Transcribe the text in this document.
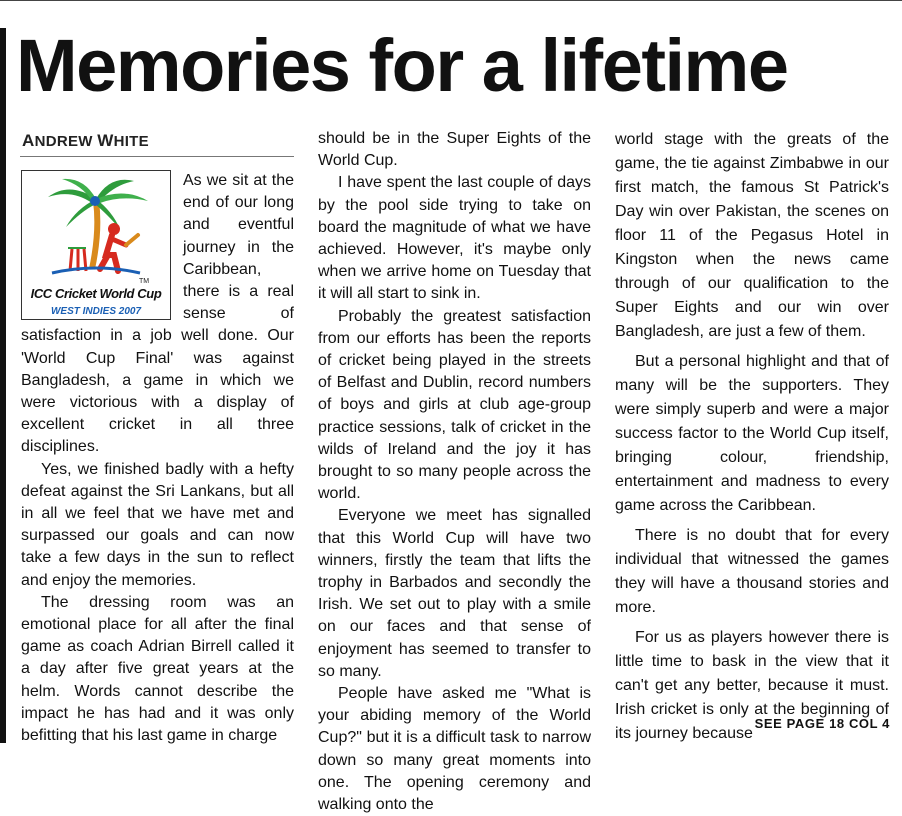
Memories for a lifetime
ANDREW WHITE
TM
ICC Cricket World Cup
WEST INDIES 2007

As we sit at the end of our long and eventful journey in the Caribbean, there is a real sense of satisfaction in a job well done. Our 'World Cup Final' was against Bangladesh, a game in which we were victorious with a display of excellent cricket in all three disciplines.

Yes, we finished badly with a hefty defeat against the Sri Lankans, but all in all we feel that we have met and surpassed our goals and can now take a few days in the sun to reflect and enjoy the memories.

The dressing room was an emotional place for all after the final game as coach Adrian Birrell called it a day after five great years at the helm. Words cannot describe the impact he has had and it was only befitting that his last game in charge

should be in the Super Eights of the World Cup.

I have spent the last couple of days by the pool side trying to take on board the magnitude of what we have achieved. However, it's maybe only when we arrive home on Tuesday that it will all start to sink in.

Probably the greatest satisfaction from our efforts has been the reports of cricket being played in the streets of Belfast and Dublin, record numbers of boys and girls at club age-group practice sessions, talk of cricket in the wilds of Ireland and the joy it has brought to so many people across the world.

Everyone we meet has signalled that this World Cup will have two winners, firstly the team that lifts the trophy in Barbados and secondly the Irish. We set out to play with a smile on our faces and that sense of enjoyment has seemed to transfer to so many.

People have asked me "What is your abiding memory of the World Cup?" but it is a difficult task to narrow down so many great moments into one. The opening ceremony and walking onto the

world stage with the greats of the game, the tie against Zimbabwe in our first match, the famous St Patrick's Day win over Pakistan, the scenes on floor 11 of the Pegasus Hotel in Kingston when the news came through of our qualification to the Super Eights and our win over Bangladesh, are just a few of them.

But a personal highlight and that of many will be the supporters. They were simply superb and were a major success factor to the World Cup itself, bringing colour, friendship, entertainment and madness to every game across the Caribbean.

There is no doubt that for every individual that witnessed the games they will have a thousand stories and more.

For us as players however there is little time to bask in the view that it can't get any better, because it must. Irish cricket is only at the beginning of its journey because

SEE PAGE 18 COL 4
